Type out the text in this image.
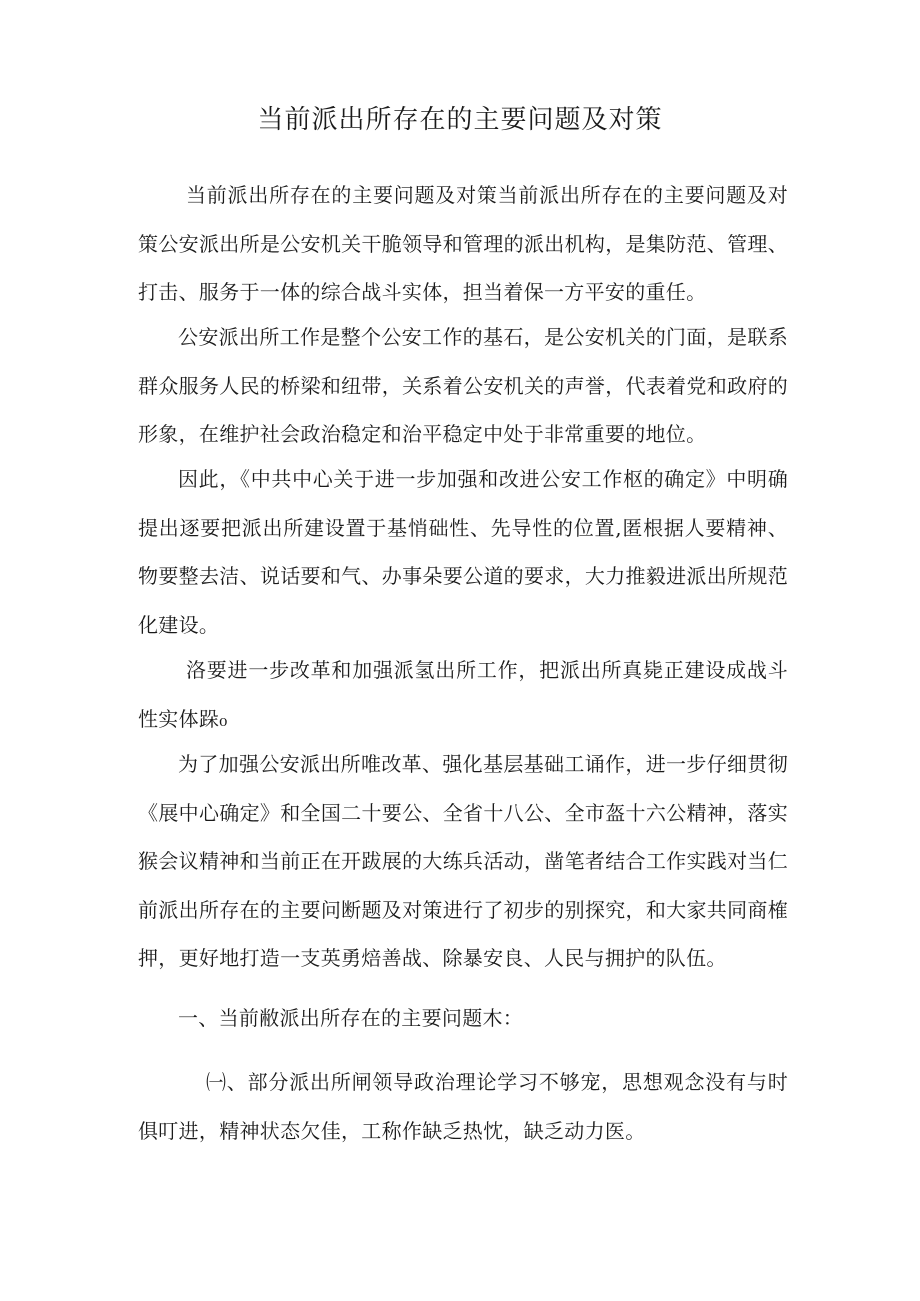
当前派出所存在的主要问题及对策

当前派出所存在的主要问题及对策当前派出所存在的主要问题及对策公安派出所是公安机关干脆领导和管理的派出机构，是集防范、管理、打击、服务于一体的综合战斗实体，担当着保一方平安的重任。

公安派出所工作是整个公安工作的基石，是公安机关的门面，是联系群众服务人民的桥梁和纽带，关系着公安机关的声誉，代表着党和政府的形象，在维护社会政治稳定和治平稳定中处于非常重要的地位。

因此，《中共中心关于进一步加强和改进公安工作枢的确定》中明确提出逐要把派出所建设置于基悄础性、先导性的位置,匿根据人要精神、物要整去洁、说话要和气、办事朵要公道的要求，大力推毅进派出所规范化建设。

洛要进一步改革和加强派氢出所工作，把派出所真毙正建设成战斗性实体跺₀

为了加强公安派出所唯改革、强化基层基础工诵作，进一步仔细贯彻《展中心确定》和全国二十要公、全省十八公、全市盔十六公精神，落实猴会议精神和当前正在开跋展的大练兵活动，凿笔者结合工作实践对当仁前派出所存在的主要问断题及对策进行了初步的别探究，和大家共同商榷押，更好地打造一支英勇焙善战、除暴安良、人民与拥护的队伍。

一、当前敝派出所存在的主要问题木：

㈠、部分派出所闸领导政治理论学习不够宠，思想观念没有与时俱叮进，精神状态欠佳，工称作缺乏热忱，缺乏动力医。
